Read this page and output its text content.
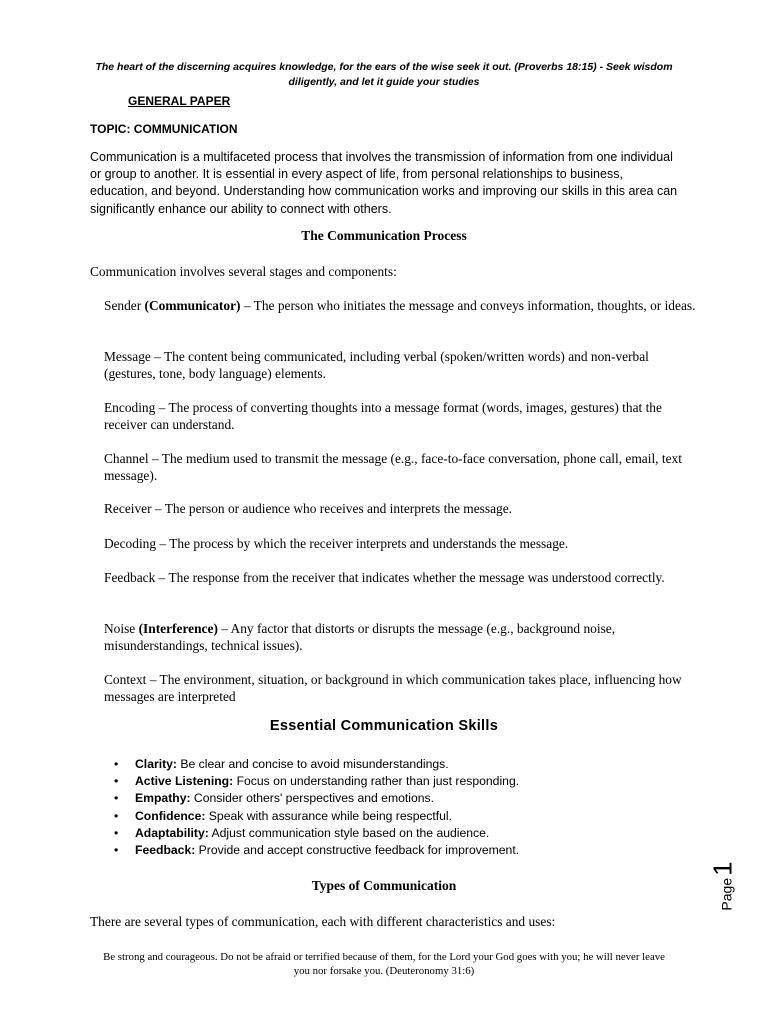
The heart of the discerning acquires knowledge, for the ears of the wise seek it out. (Proverbs 18:15) - Seek wisdom diligently, and let it guide your studies
GENERAL PAPER
TOPIC: COMMUNICATION

Communication is a multifaceted process that involves the transmission of information from one individual or group to another. It is essential in every aspect of life, from personal relationships to business, education, and beyond. Understanding how communication works and improving our skills in this area can significantly enhance our ability to connect with others.

The Communication Process

Communication involves several stages and components:

Sender (Communicator) – The person who initiates the message and conveys information, thoughts, or ideas.

Message – The content being communicated, including verbal (spoken/written words) and non-verbal (gestures, tone, body language) elements.

Encoding – The process of converting thoughts into a message format (words, images, gestures) that the receiver can understand.

Channel – The medium used to transmit the message (e.g., face-to-face conversation, phone call, email, text message).

Receiver – The person or audience who receives and interprets the message.

Decoding – The process by which the receiver interprets and understands the message.

Feedback – The response from the receiver that indicates whether the message was understood correctly.

Noise (Interference) – Any factor that distorts or disrupts the message (e.g., background noise, misunderstandings, technical issues).

Context – The environment, situation, or background in which communication takes place, influencing how messages are interpreted

Essential Communication Skills
• Clarity: Be clear and concise to avoid misunderstandings.
• Active Listening: Focus on understanding rather than just responding.
• Empathy: Consider others' perspectives and emotions.
• Confidence: Speak with assurance while being respectful.
• Adaptability: Adjust communication style based on the audience.
• Feedback: Provide and accept constructive feedback for improvement.
Types of Communication

There are several types of communication, each with different characteristics and uses:

Be strong and courageous. Do not be afraid or terrified because of them, for the Lord your God goes with you; he will never leave you nor forsake you. (Deuteronomy 31:6)
Page1
